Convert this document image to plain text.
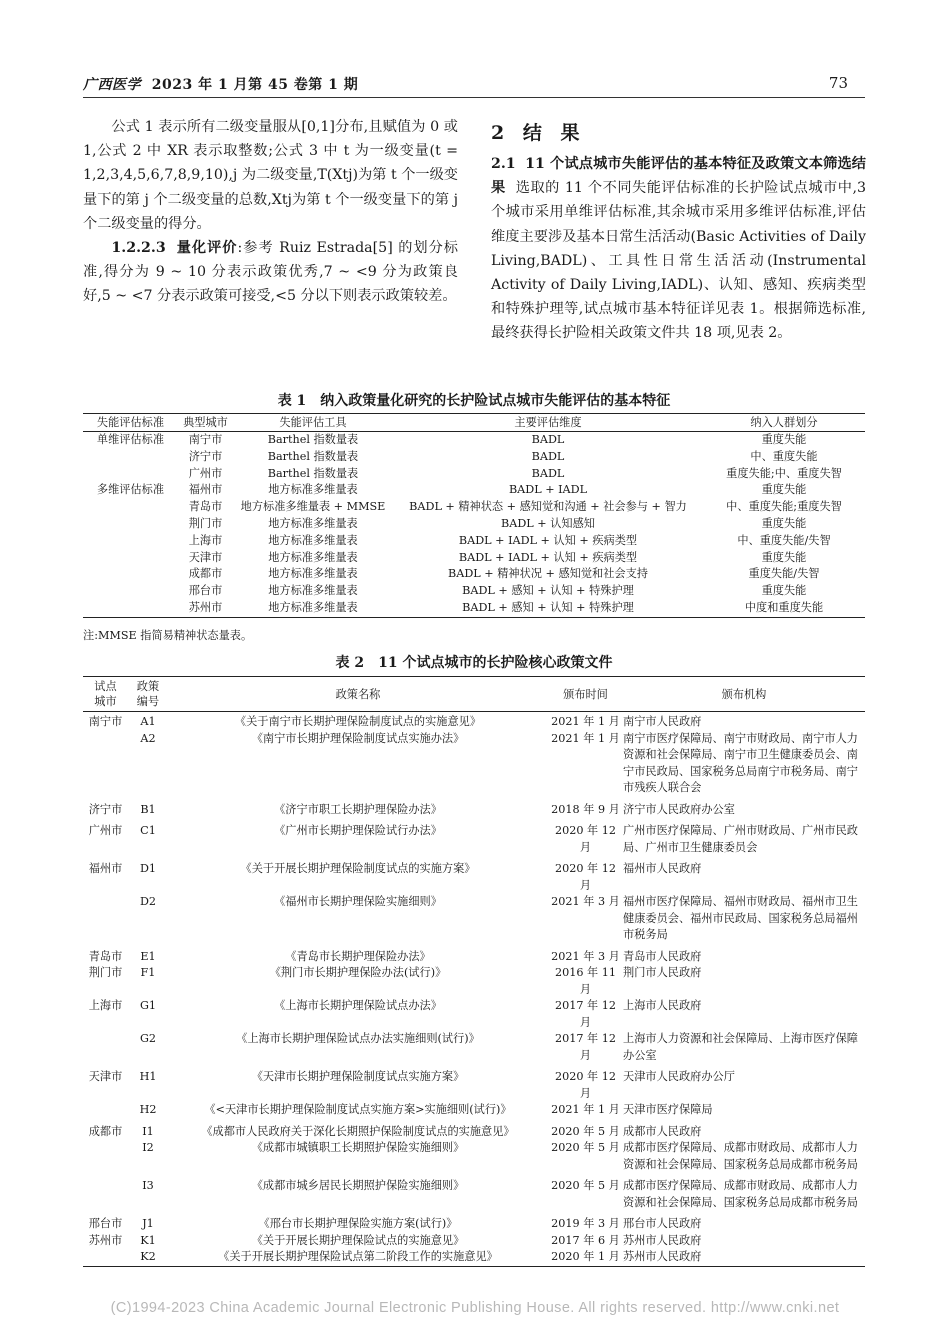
广西医学 2023 年 1 月第 45 卷第 1 期	73

公式 1 表示所有二级变量服从[0,1]分布,且赋值为 0 或 1,公式 2 中 XR 表示取整数;公式 3 中 t 为一级变量(t = 1,2,3,4,5,6,7,8,9,10),j 为二级变量,T(Xtj)为第 t 个一级变量下的第 j 个二级变量的总数,Xtj为第 t 个一级变量下的第 j 个二级变量的得分。

1.2.2.3 量化评价:参考 Ruiz Estrada[5] 的划分标准,得分为 9 ~ 10 分表示政策优秀,7 ~ <9 分为政策良好,5 ~ <7 分表示政策可接受,<5 分以下则表示政策较差。

2 结 果

2.1 11 个试点城市失能评估的基本特征及政策文本筛选结果 选取的 11 个不同失能评估标准的长护险试点城市中,3 个城市采用单维评估标准,其余城市采用多维评估标准,评估维度主要涉及基本日常生活活动(Basic Activities of Daily Living,BADL)、工具性日常生活活动(Instrumental Activity of Daily Living,IADL)、认知、感知、疾病类型和特殊护理等,试点城市基本特征详见表 1。根据筛选标准,最终获得长护险相关政策文件共 18 项,见表 2。

表 1　纳入政策量化研究的长护险试点城市失能评估的基本特征
失能评估标准	典型城市	失能评估工具	主要评估维度	纳入人群划分
单维评估标准	南宁市	Barthel 指数量表	BADL	重度失能
	济宁市	Barthel 指数量表	BADL	中、重度失能
	广州市	Barthel 指数量表	BADL	重度失能;中、重度失智
多维评估标准	福州市	地方标准多维量表	BADL + IADL	重度失能
	青岛市	地方标准多维量表 + MMSE	BADL + 精神状态 + 感知觉和沟通 + 社会参与 + 智力	中、重度失能;重度失智
	荆门市	地方标准多维量表	BADL + 认知感知	重度失能
	上海市	地方标准多维量表	BADL + IADL + 认知 + 疾病类型	中、重度失能/失智
	天津市	地方标准多维量表	BADL + IADL + 认知 + 疾病类型	重度失能
	成都市	地方标准多维量表	BADL + 精神状况 + 感知觉和社会支持	重度失能/失智
	邢台市	地方标准多维量表	BADL + 感知 + 认知 + 特殊护理	重度失能
	苏州市	地方标准多维量表	BADL + 感知 + 认知 + 特殊护理	中度和重度失能
注:MMSE 指简易精神状态量表。
表 2　11 个试点城市的长护险核心政策文件
试点城市	政策编号	政策名称	颁布时间	颁布机构
南宁市	A1	《关于南宁市长期护理保险制度试点的实施意见》	2021 年 1 月	南宁市人民政府
	A2	《南宁市长期护理保险制度试点实施办法》	2021 年 1 月	南宁市医疗保障局、南宁市财政局、南宁市人力资源和社会保障局、南宁市卫生健康委员会、南宁市民政局、国家税务总局南宁市税务局、南宁市残疾人联合会
济宁市	B1	《济宁市职工长期护理保险办法》	2018 年 9 月	济宁市人民政府办公室
广州市	C1	《广州市长期护理保险试行办法》	2020 年 12 月	广州市医疗保障局、广州市财政局、广州市民政局、广州市卫生健康委员会
福州市	D1	《关于开展长期护理保险制度试点的实施方案》	2020 年 12 月	福州市人民政府
	D2	《福州市长期护理保险实施细则》	2021 年 3 月	福州市医疗保障局、福州市财政局、福州市卫生健康委员会、福州市民政局、国家税务总局福州市税务局
青岛市	E1	《青岛市长期护理保险办法》	2021 年 3 月	青岛市人民政府
荆门市	F1	《荆门市长期护理保险办法(试行)》	2016 年 11 月	荆门市人民政府
上海市	G1	《上海市长期护理保险试点办法》	2017 年 12 月	上海市人民政府
	G2	《上海市长期护理保险试点办法实施细则(试行)》	2017 年 12 月	上海市人力资源和社会保障局、上海市医疗保障办公室
天津市	H1	《天津市长期护理保险制度试点实施方案》	2020 年 12 月	天津市人民政府办公厅
	H2	《<天津市长期护理保险制度试点实施方案>实施细则(试行)》	2021 年 1 月	天津市医疗保障局
成都市	I1	《成都市人民政府关于深化长期照护保险制度试点的实施意见》	2020 年 5 月	成都市人民政府
	I2	《成都市城镇职工长期照护保险实施细则》	2020 年 5 月	成都市医疗保障局、成都市财政局、成都市人力资源和社会保障局、国家税务总局成都市税务局
	I3	《成都市城乡居民长期照护保险实施细则》	2020 年 5 月	成都市医疗保障局、成都市财政局、成都市人力资源和社会保障局、国家税务总局成都市税务局
邢台市	J1	《邢台市长期护理保险实施方案(试行)》	2019 年 3 月	邢台市人民政府
苏州市	K1	《关于开展长期护理保险试点的实施意见》	2017 年 6 月	苏州市人民政府
	K2	《关于开展长期护理保险试点第二阶段工作的实施意见》	2020 年 1 月	苏州市人民政府
(C)1994-2023 China Academic Journal Electronic Publishing House. All rights reserved. http://www.cnki.net
